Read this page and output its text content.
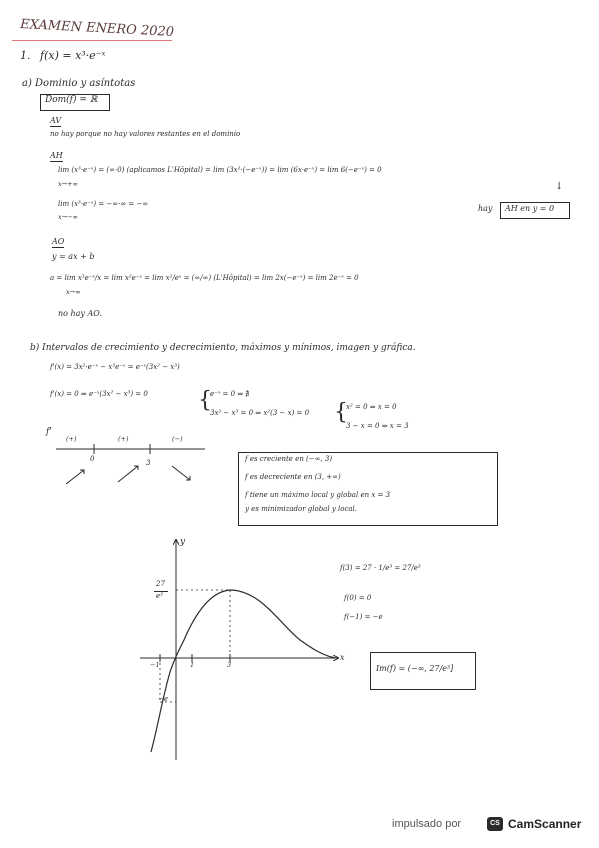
EXAMEN ENERO 2020
1. f(x) = x³·e⁻ˣ
a) Dominio y asíntotas
Dom(f) = ℝ
AV
no hay porque no hay valores restantes en el dominio
AH
lim (x³·e⁻ˣ) = (∞·0) (aplicamos L'Hôpital) = lim (3x²·(−e⁻ˣ)) = lim (6x·e⁻ˣ) = lim 6(−e⁻ˣ) = 0
x→+∞	↓
lim (x³·e⁻ˣ) = −∞·∞ = −∞
x→−∞
hay AH en y = 0
AO
y = ax + b
a = lim x³e⁻ˣ/x = lim x²e⁻ˣ = lim x²/eˣ = (∞/∞) (L'Hôpital) = lim 2x(−e⁻ˣ) = lim 2e⁻ˣ = 0
x→∞
no hay AO.
b) Intervalos de crecimiento y decrecimiento, máximos y mínimos, imagen y gráfica.
f'(x) = 3x²·e⁻ˣ − x³e⁻ˣ = e⁻ˣ(3x² − x³)
f'(x) = 0 ⇒ e⁻ˣ(3x² − x³) = 0 {
e⁻ˣ = 0 ⇒ ∄
3x² − x³ = 0 ⇒ x²(3 − x) = 0 {
x² = 0 ⇒ x = 0
3 − x = 0 ⇒ x = 3
f'
(+)	(+)	(−)
0	3	f es creciente en (−∞, 3)
f es decreciente en (3, +∞)
f tiene un máximo local y global en x = 3
y es minimizador global y local.
y
x
27
e³
−1	1	3
−e
f(3) = 27 · 1/e³ = 27/e³
f(0) = 0
f(−1) = −e
Im(f) = (−∞, 27/e³]
impulsado por	CS CamScanner
